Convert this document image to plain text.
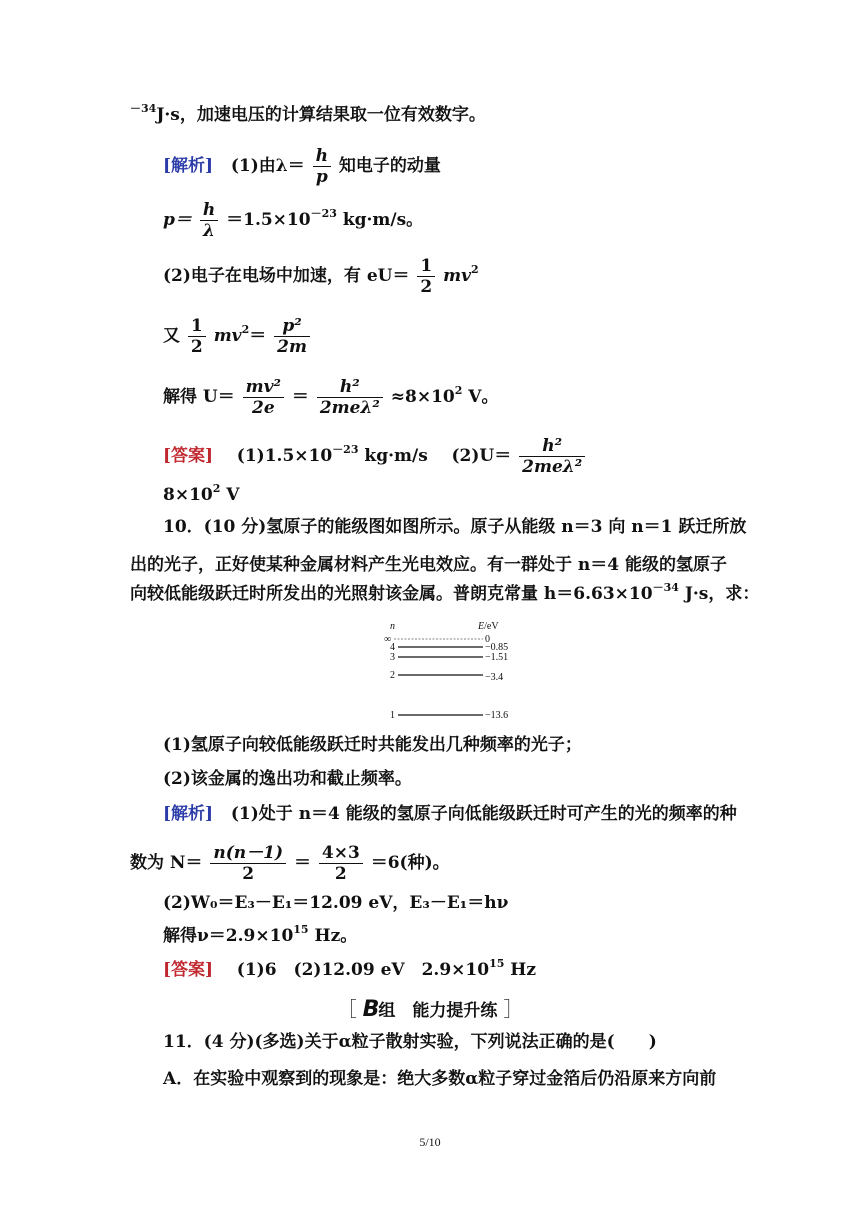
$^{-34}$J·s，加速电压的计算结果取一位有效数字。
[解析] (1)由$\lambda= \frac{h}{p}$ 知电子的动量
$p= \frac{h}{\lambda} =1.5\times 10^{-23}$ kg·m/s。
(2)电子在电场中加速，有 $eU= \frac{1}{2} mv^2$
又 $\frac{1}{2} mv^2= \frac{\text{p²}}{2m}$
解得 $U= \frac{\text{mv²}}{2e} = \frac{\text{h²}}{\text{2meλ²}} \approx 8\times 10^2$ V。
[答案] $(1)1.5\times 10^{-23}$ kg·m/s $(2)U= \frac{\text{h²}}{\text{2meλ²}}$
$8\times 10^2$ V
10．(10 分)氢原子的能级图如图所示。原子从能级 n＝3 向 n＝1 跃迁所放
出的光子，正好使某种金属材料产生光电效应。有一群处于 n＝4 能级的氢原子
向较低能级跃迁时所发出的光照射该金属。普朗克常量 $h=6.63\times 10^{-34}$ J·s，求：
n	E/eV
∞	0
4	−0.85
3	−1.51
2	−3.4
1	−13.6
(1)氢原子向较低能级跃迁时共能发出几种频率的光子；
(2)该金属的逸出功和截止频率。
[解析] (1)处于 n＝4 能级的氢原子向低能级跃迁时可产生的光的频率的种
数为 $N= \frac{n(n-1)}{2} = \frac{4\times 3}{2} =6$(种)。
(2)W₀＝E₃－E₁＝12.09 eV，E₃－E₁＝hν
解得$\nu=2.9\times 10^{15}$ Hz。
[答案] (1)6　(2)12.09 eV　$2.9\times 10^{15}$ Hz
［ B组　能力提升练 ］
11．(4 分)(多选)关于α粒子散射实验，下列说法正确的是(　　)
A．在实验中观察到的现象是：绝大多数α粒子穿过金箔后仍沿原来方向前
5/10
